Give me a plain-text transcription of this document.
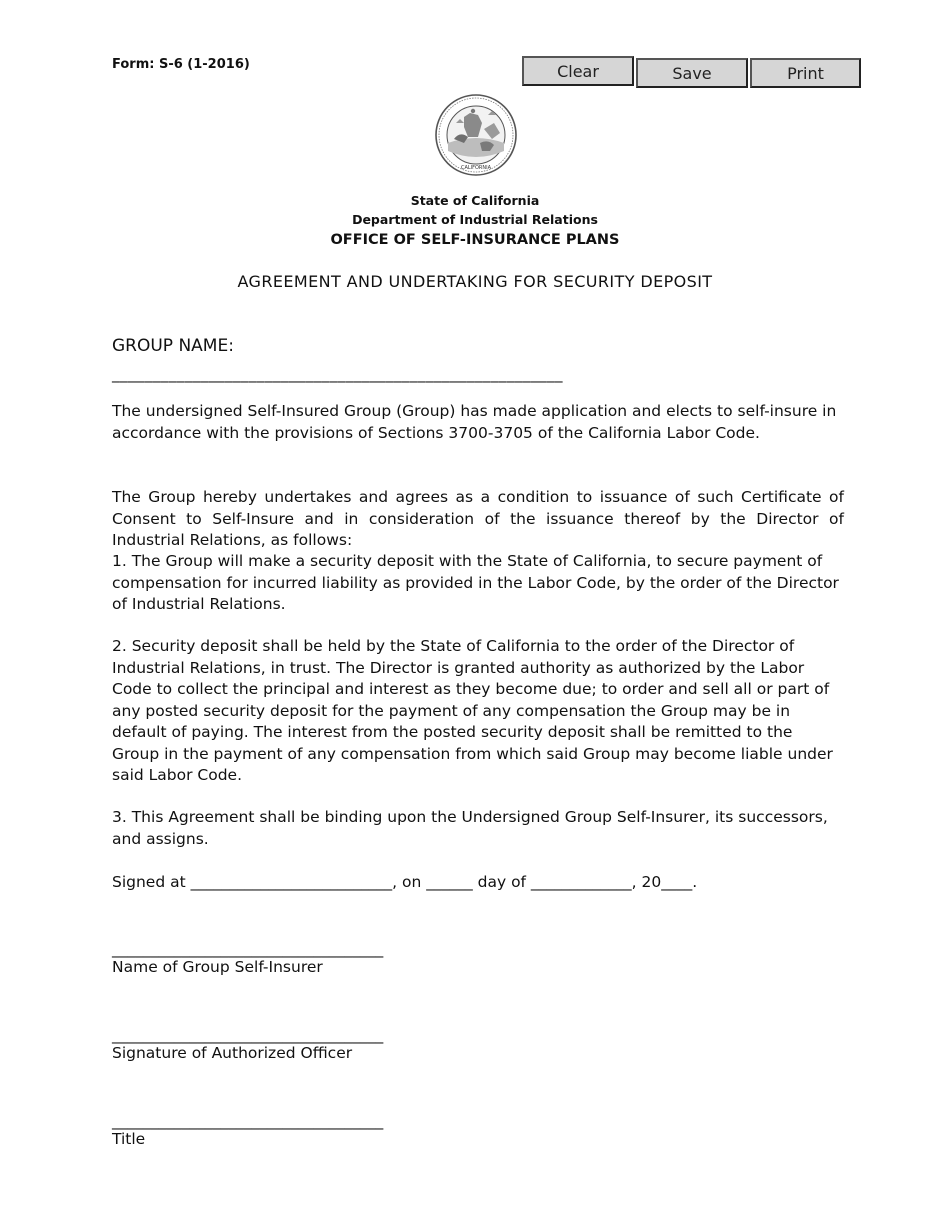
Form: S-6 (1-2016)	Clear	Save	Print
CALIFORNIA
State of California
Department of Industrial Relations
OFFICE OF SELF-INSURANCE PLANS
AGREEMENT AND UNDERTAKING FOR SECURITY DEPOSIT
GROUP NAME:
________________________________________________________
The undersigned Self-Insured Group (Group) has made application and elects to self-insure in accordance with the provisions of Sections 3700-3705 of the California Labor Code.
The Group hereby undertakes and agrees as a condition to issuance of such Certificate of Consent to Self-Insure and in consideration of the issuance thereof by the Director of Industrial Relations, as follows:
1. The Group will make a security deposit with the State of California, to secure payment of compensation for incurred liability as provided in the Labor Code, by the order of the Director of Industrial Relations.
2. Security deposit shall be held by the State of California to the order of the Director of Industrial Relations, in trust. The Director is granted authority as authorized by the Labor Code to collect the principal and interest as they become due; to order and sell all or part of any posted security deposit for the payment of any compensation the Group may be in default of paying. The interest from the posted security deposit shall be remitted to the Group in the payment of any compensation from which said Group may become liable under said Labor Code.
3. This Agreement shall be binding upon the Undersigned Group Self-Insurer, its successors, and assigns.
Signed at __________________________, on ______ day of _____________, 20____.
___________________________________
Name of Group Self-Insurer
___________________________________
Signature of Authorized Officer
___________________________________
Title
